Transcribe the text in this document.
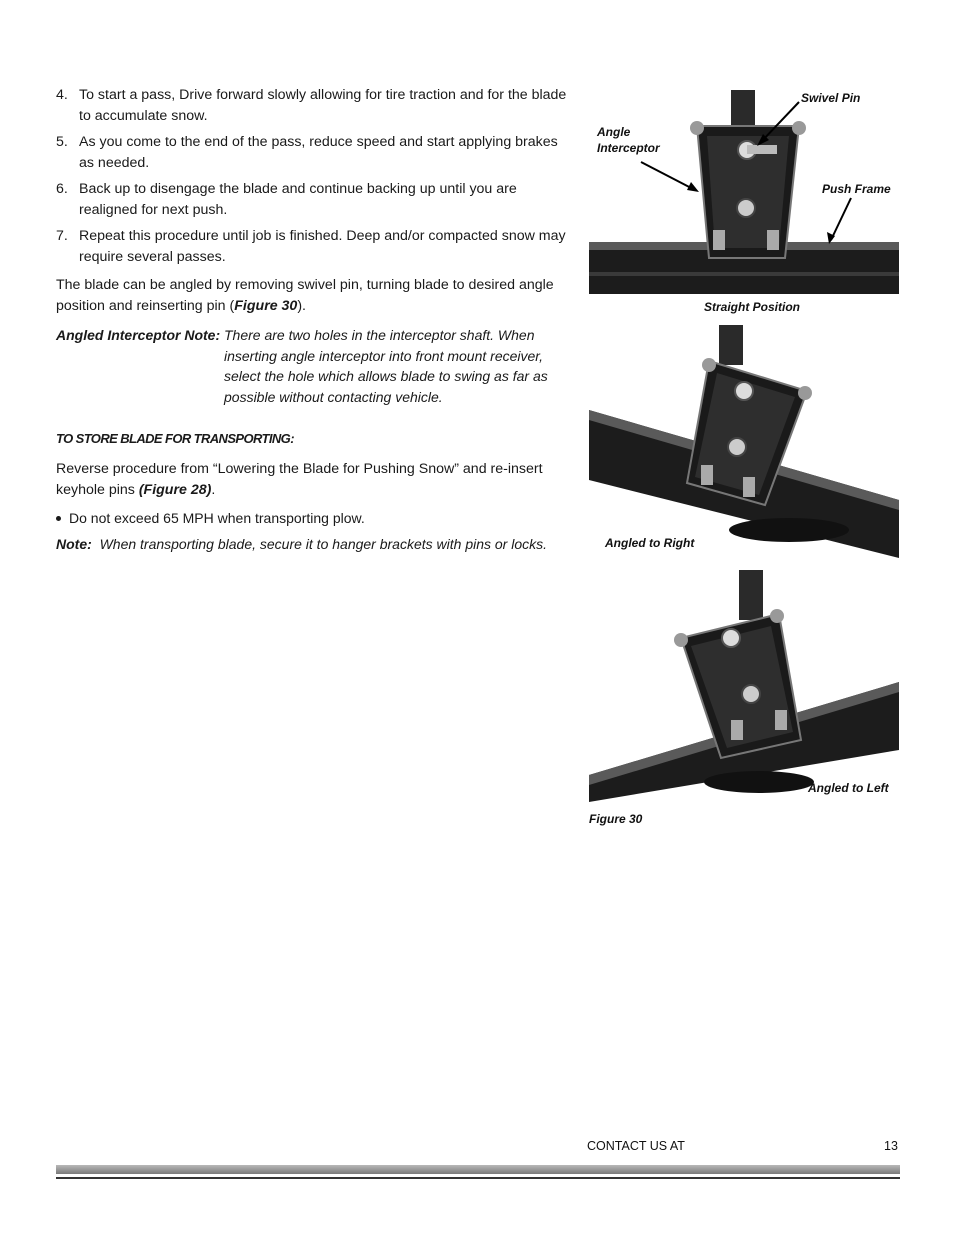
4. To start a pass, Drive forward slowly allowing for tire traction and for the blade to accumulate snow.
5. As you come to the end of the pass, reduce speed and start applying brakes as needed.
6. Back up to disengage the blade and continue backing up until you are realigned for next push.
7. Repeat this procedure until job is finished. Deep and/or compacted snow may require several passes.

The blade can be angled by removing swivel pin, turning blade to desired angle position and reinserting pin (Figure 30).

Angled Interceptor Note: There are two holes in the interceptor shaft. When inserting angle interceptor into front mount receiver, select the hole which allows blade to swing as far as possible without contacting vehicle.
TO STORE BLADE FOR TRANSPORTING:

Reverse procedure from “Lowering the Blade for Pushing Snow” and re-insert keyhole pins (Figure 28).

Do not exceed 65 MPH when transporting plow.
Note: When transporting blade, secure it to hanger brackets with pins or locks.
Swivel Pin
Angle
Interceptor
Push Frame
Straight Position
Angled to Right
Angled to Left
Figure 30
CONTACT US AT	13
